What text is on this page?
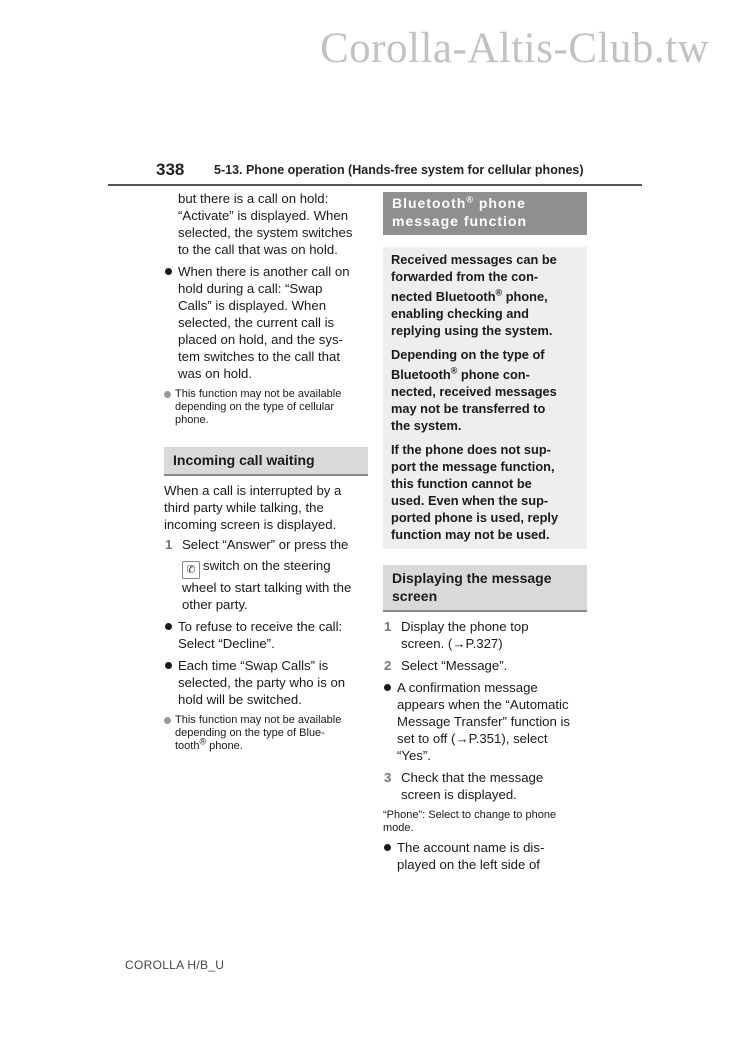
Corolla-Altis-Club.tw
338 5-13. Phone operation (Hands-free system for cellular phones)

but there is a call on hold:

“Activate” is displayed. When

selected, the system switches

to the call that was on hold.

When there is another call on

hold during a call: “Swap

Calls” is displayed. When

selected, the current call is

placed on hold, and the sys-

tem switches to the call that

was on hold.

This function may not be available

depending on the type of cellular

phone.

Incoming call waiting

When a call is interrupted by a

third party while talking, the

incoming screen is displayed.

1 Select “Answer” or press the

✆ switch on the steering

wheel to start talking with the

other party.

To refuse to receive the call:

Select “Decline”.

Each time “Swap Calls” is

selected, the party who is on

hold will be switched.

This function may not be available

depending on the type of Blue-

tooth® phone.

Bluetooth® phone
message function

Received messages can be

forwarded from the con-

nected Bluetooth® phone,

enabling checking and

replying using the system.

Depending on the type of

Bluetooth® phone con-

nected, received messages

may not be transferred to

the system.

If the phone does not sup-

port the message function,

this function cannot be

used. Even when the sup-

ported phone is used, reply

function may not be used.

Displaying the message
screen
1 Display the phone top

screen. (→P.327)

2 Select “Message”.

A confirmation message

appears when the “Automatic

Message Transfer” function is

set to off (→P.351), select

“Yes”.

3 Check that the message

screen is displayed.

“Phone”: Select to change to phone

mode.

The account name is dis-

played on the left side of

COROLLA H/B_U
